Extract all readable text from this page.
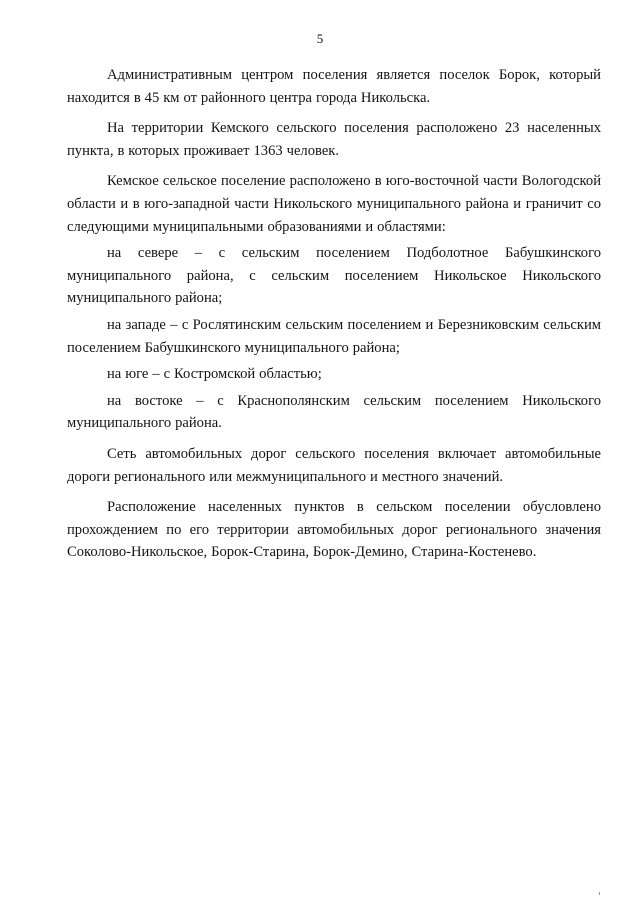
5

Административным центром поселения является поселок Борок, который находится в 45 км от районного центра города Никольска.

На территории Кемского сельского поселения расположено 23 населенных пункта, в которых проживает 1363 человек.

Кемское сельское поселение расположено в юго-восточной части Вологодской области и в юго-западной части Никольского муниципального района и граничит со следующими муниципальными образованиями и областями:

на севере – с сельским поселением Подболотное Бабушкинского муниципального района, с сельским поселением Никольское Никольского муниципального района;

на западе – с Рослятинским сельским поселением и Березниковским сельским поселением Бабушкинского муниципального района;

на юге – с Костромской областью;

на востоке – с Краснополянским сельским поселением Никольского муниципального района.

Сеть автомобильных дорог сельского поселения включает автомобильные дороги регионального или межмуниципального и местного значений.

Расположение населенных пунктов в сельском поселении обусловлено прохождением по его территории автомобильных дорог регионального значения Соколово-Никольское, Борок-Старина, Борок-Демино, Старина-Костенево.
